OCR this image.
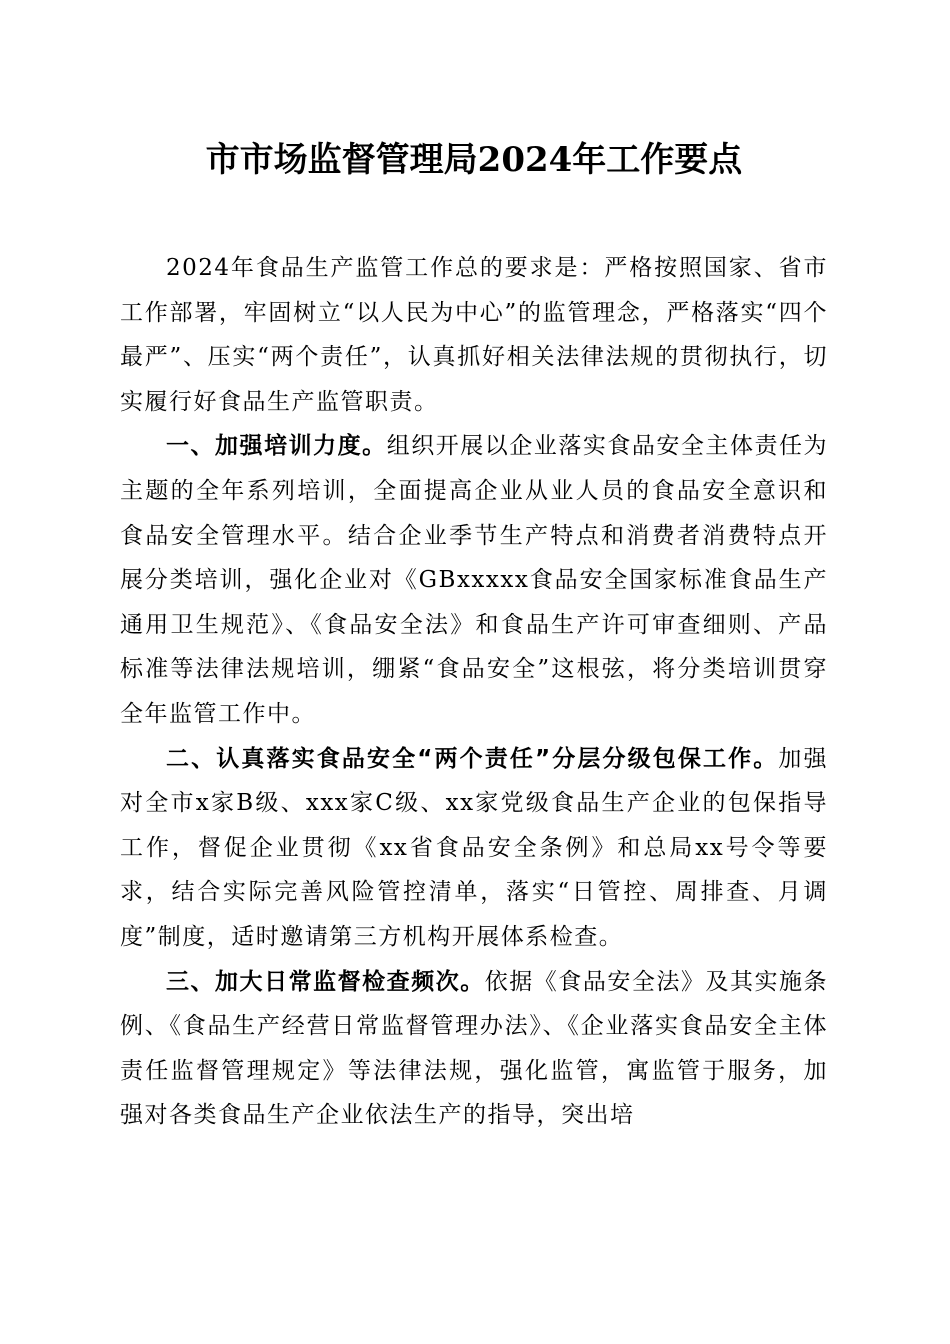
市市场监督管理局2024年工作要点

2024年食品生产监管工作总的要求是：严格按照国家、省市工作部署，牢固树立“以人民为中心”的监管理念，严格落实“四个最严”、压实“两个责任”，认真抓好相关法律法规的贯彻执行，切实履行好食品生产监管职责。

一、加强培训力度。组织开展以企业落实食品安全主体责任为主题的全年系列培训，全面提高企业从业人员的食品安全意识和食品安全管理水平。结合企业季节生产特点和消费者消费特点开展分类培训，强化企业对《GBxxxxx食品安全国家标准食品生产通用卫生规范》、《食品安全法》和食品生产许可审查细则、产品标准等法律法规培训，绷紧“食品安全”这根弦，将分类培训贯穿全年监管工作中。

二、认真落实食品安全“两个责任”分层分级包保工作。加强对全市x家B级、xxx家C级、xx家党级食品生产企业的包保指导工作，督促企业贯彻《xx省食品安全条例》和总局xx号令等要求，结合实际完善风险管控清单，落实“日管控、周排查、月调度”制度，适时邀请第三方机构开展体系检查。

三、加大日常监督检查频次。依据《食品安全法》及其实施条例、《食品生产经营日常监督管理办法》、《企业落实食品安全主体责任监督管理规定》等法律法规，强化监管，寓监管于服务，加强对各类食品生产企业依法生产的指导，突出培
